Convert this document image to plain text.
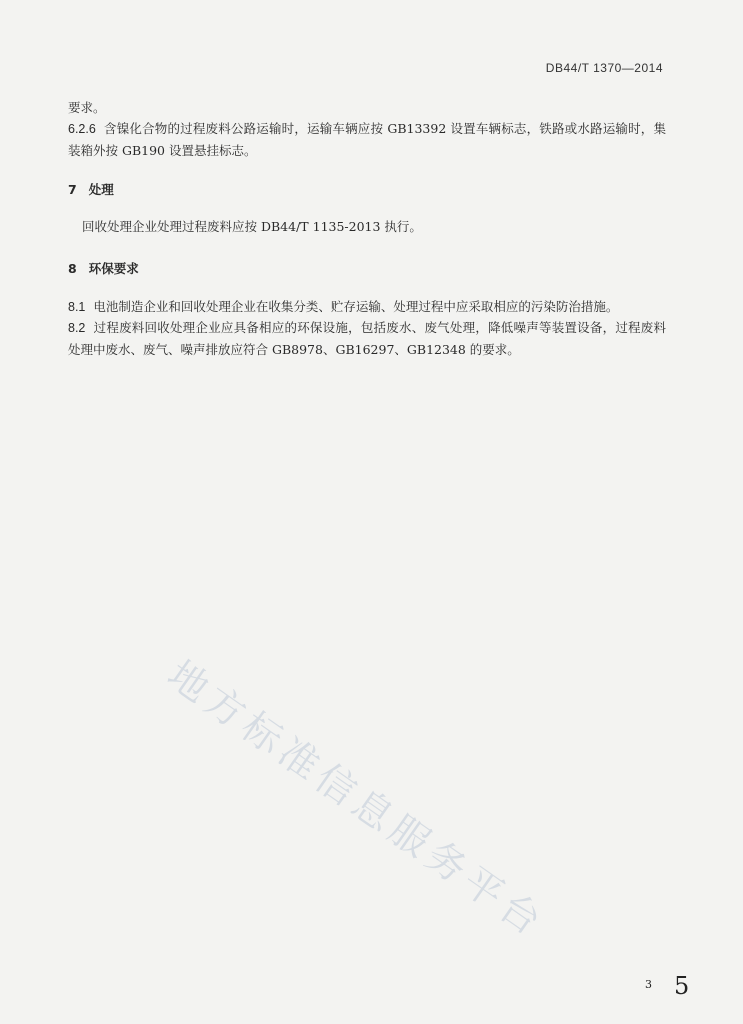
DB44/T 1370—2014

要求。

6.2.6 含镍化合物的过程废料公路运输时，运输车辆应按 GB13392 设置车辆标志，铁路或水路运输时，集装箱外按 GB190 设置悬挂标志。

7 处理

回收处理企业处理过程废料应按 DB44/T 1135-2013 执行。

8 环保要求

8.1 电池制造企业和回收处理企业在收集分类、贮存运输、处理过程中应采取相应的污染防治措施。

8.2 过程废料回收处理企业应具备相应的环保设施，包括废水、废气处理，降低噪声等装置设备，过程废料处理中废水、废气、噪声排放应符合 GB8978、GB16297、GB12348 的要求。

地方标准信息服务平台
3 5
